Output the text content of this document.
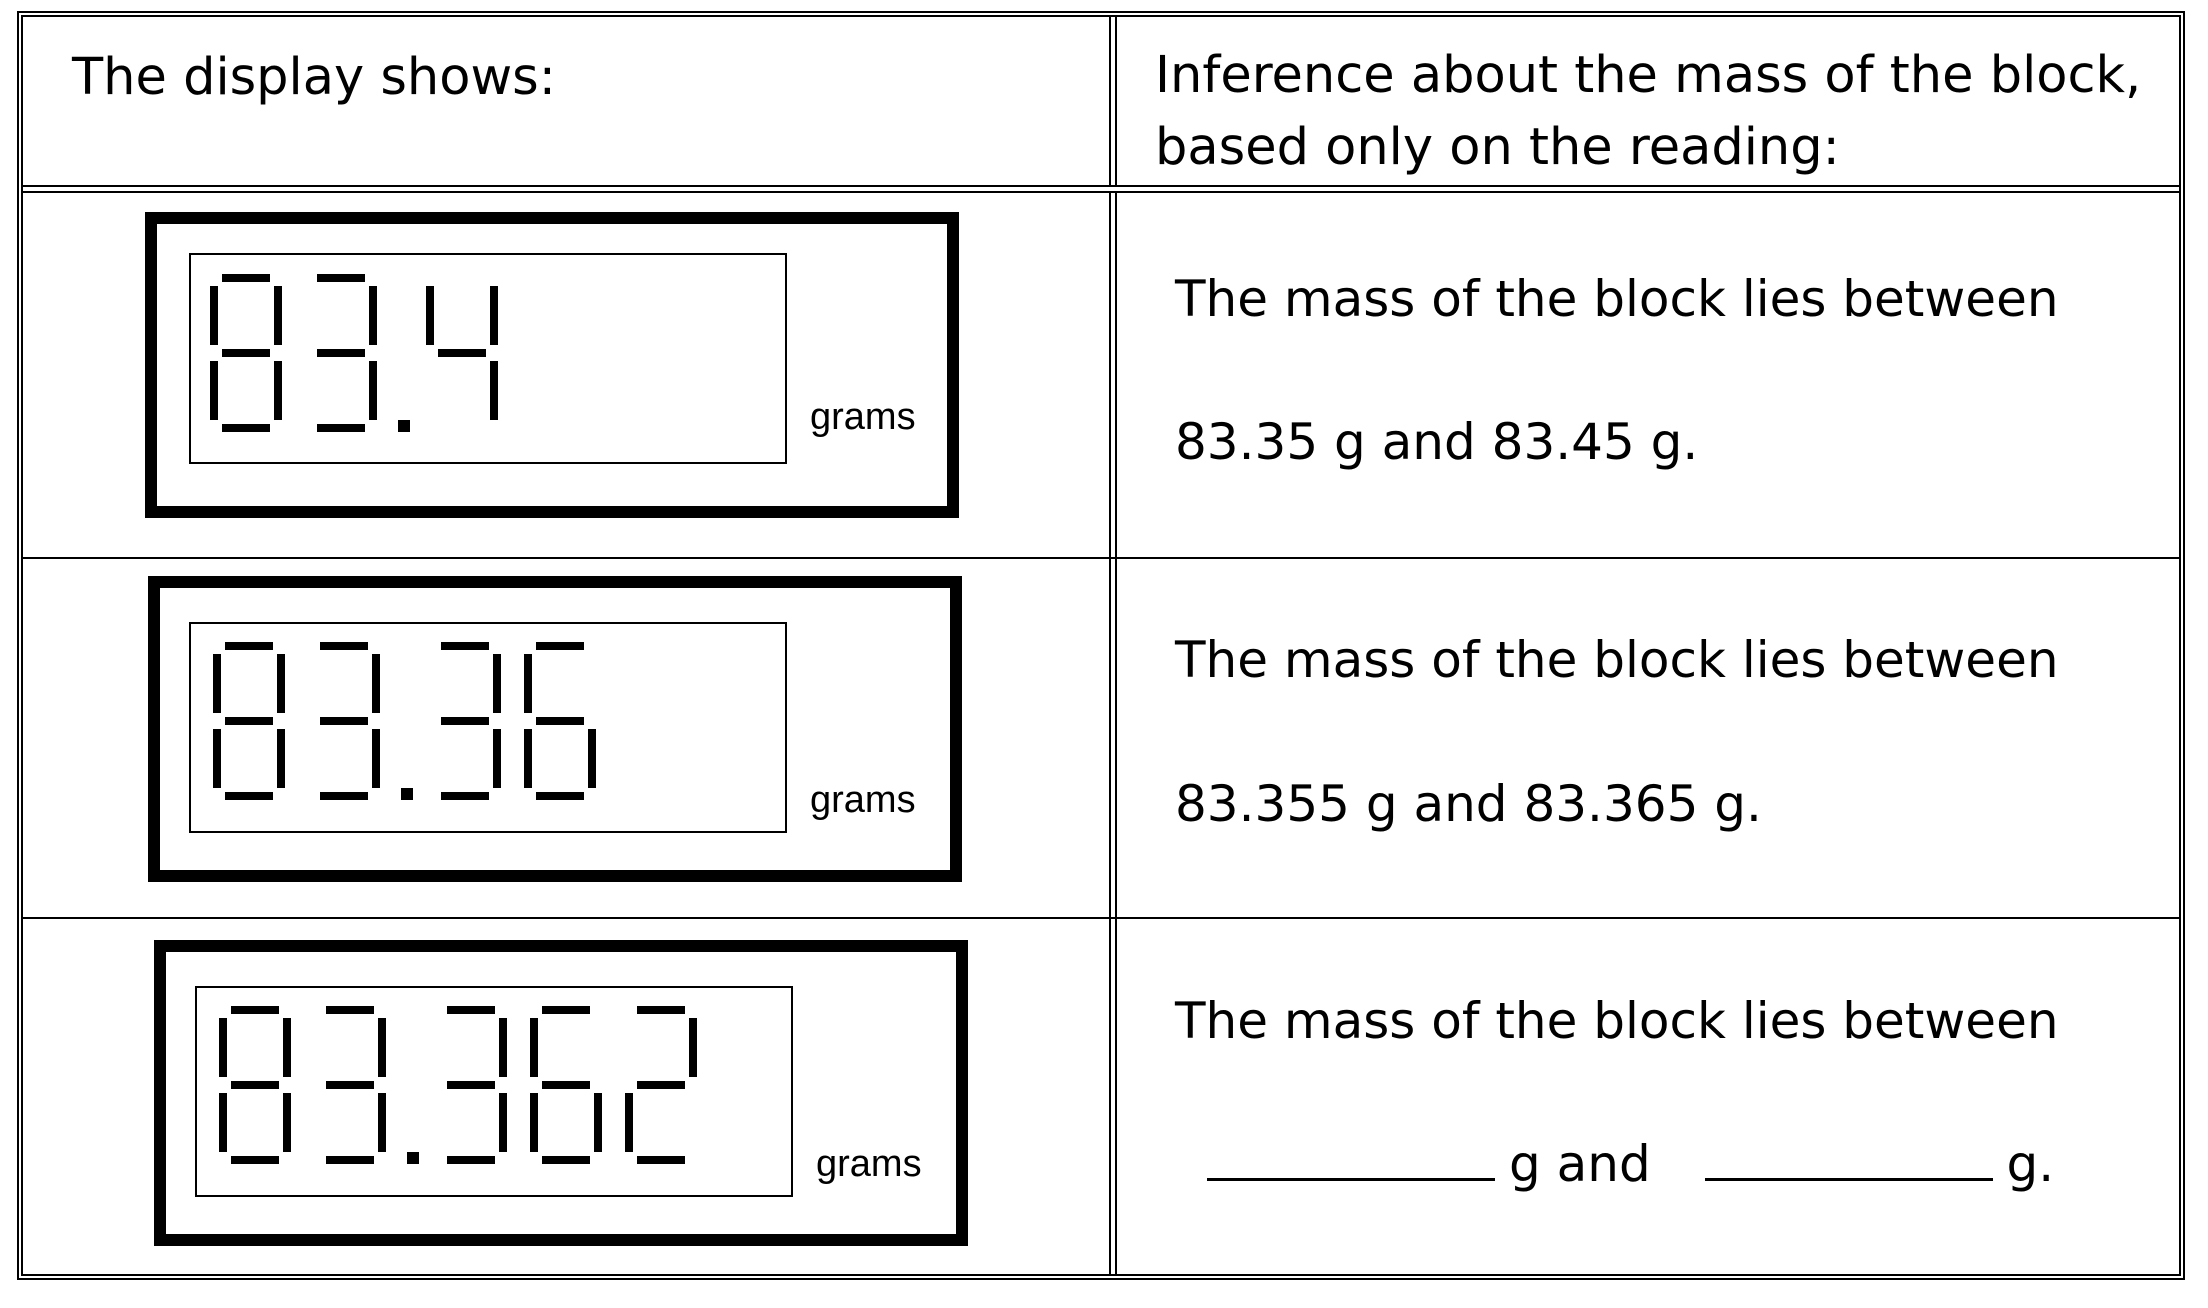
The display shows:	Inference about the mass of the block,
based only on the reading:
grams
grams
grams
The mass of the block lies between
83.35 g and 83.45 g.
The mass of the block lies between
83.355 g and 83.365 g.
The mass of the block lies between
g and	g.
